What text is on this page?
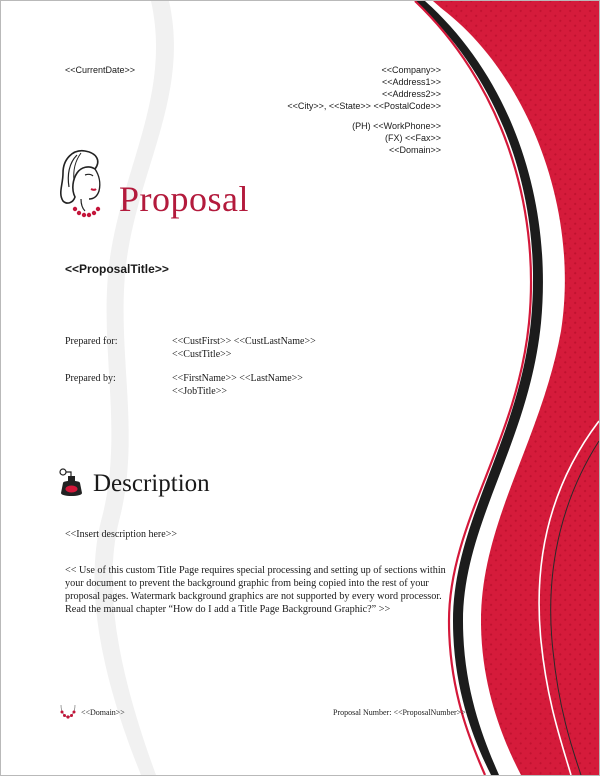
<<CurrentDate>>	<<Company>>
<<Address1>>
<<Address2>>
<<City>>, <<State>> <<PostalCode>>
(PH) <<WorkPhone>>
(FX) <<Fax>>
<<Domain>>
Proposal
<<ProposalTitle>>
Prepared for:	<<CustFirst>> <<CustLastName>>
<<CustTitle>>
Prepared by:	<<FirstName>> <<LastName>>
<<JobTitle>>
Description
<<Insert description here>>
<< Use of this custom Title Page requires special processing and setting up of sections within your document to prevent the background graphic from being copied into the rest of your proposal pages. Watermark background graphics are not supported by every word processor. Read the manual chapter “How do I add a Title Page Background Graphic?” >>
<<Domain>>	Proposal Number: <<ProposalNumber>>
